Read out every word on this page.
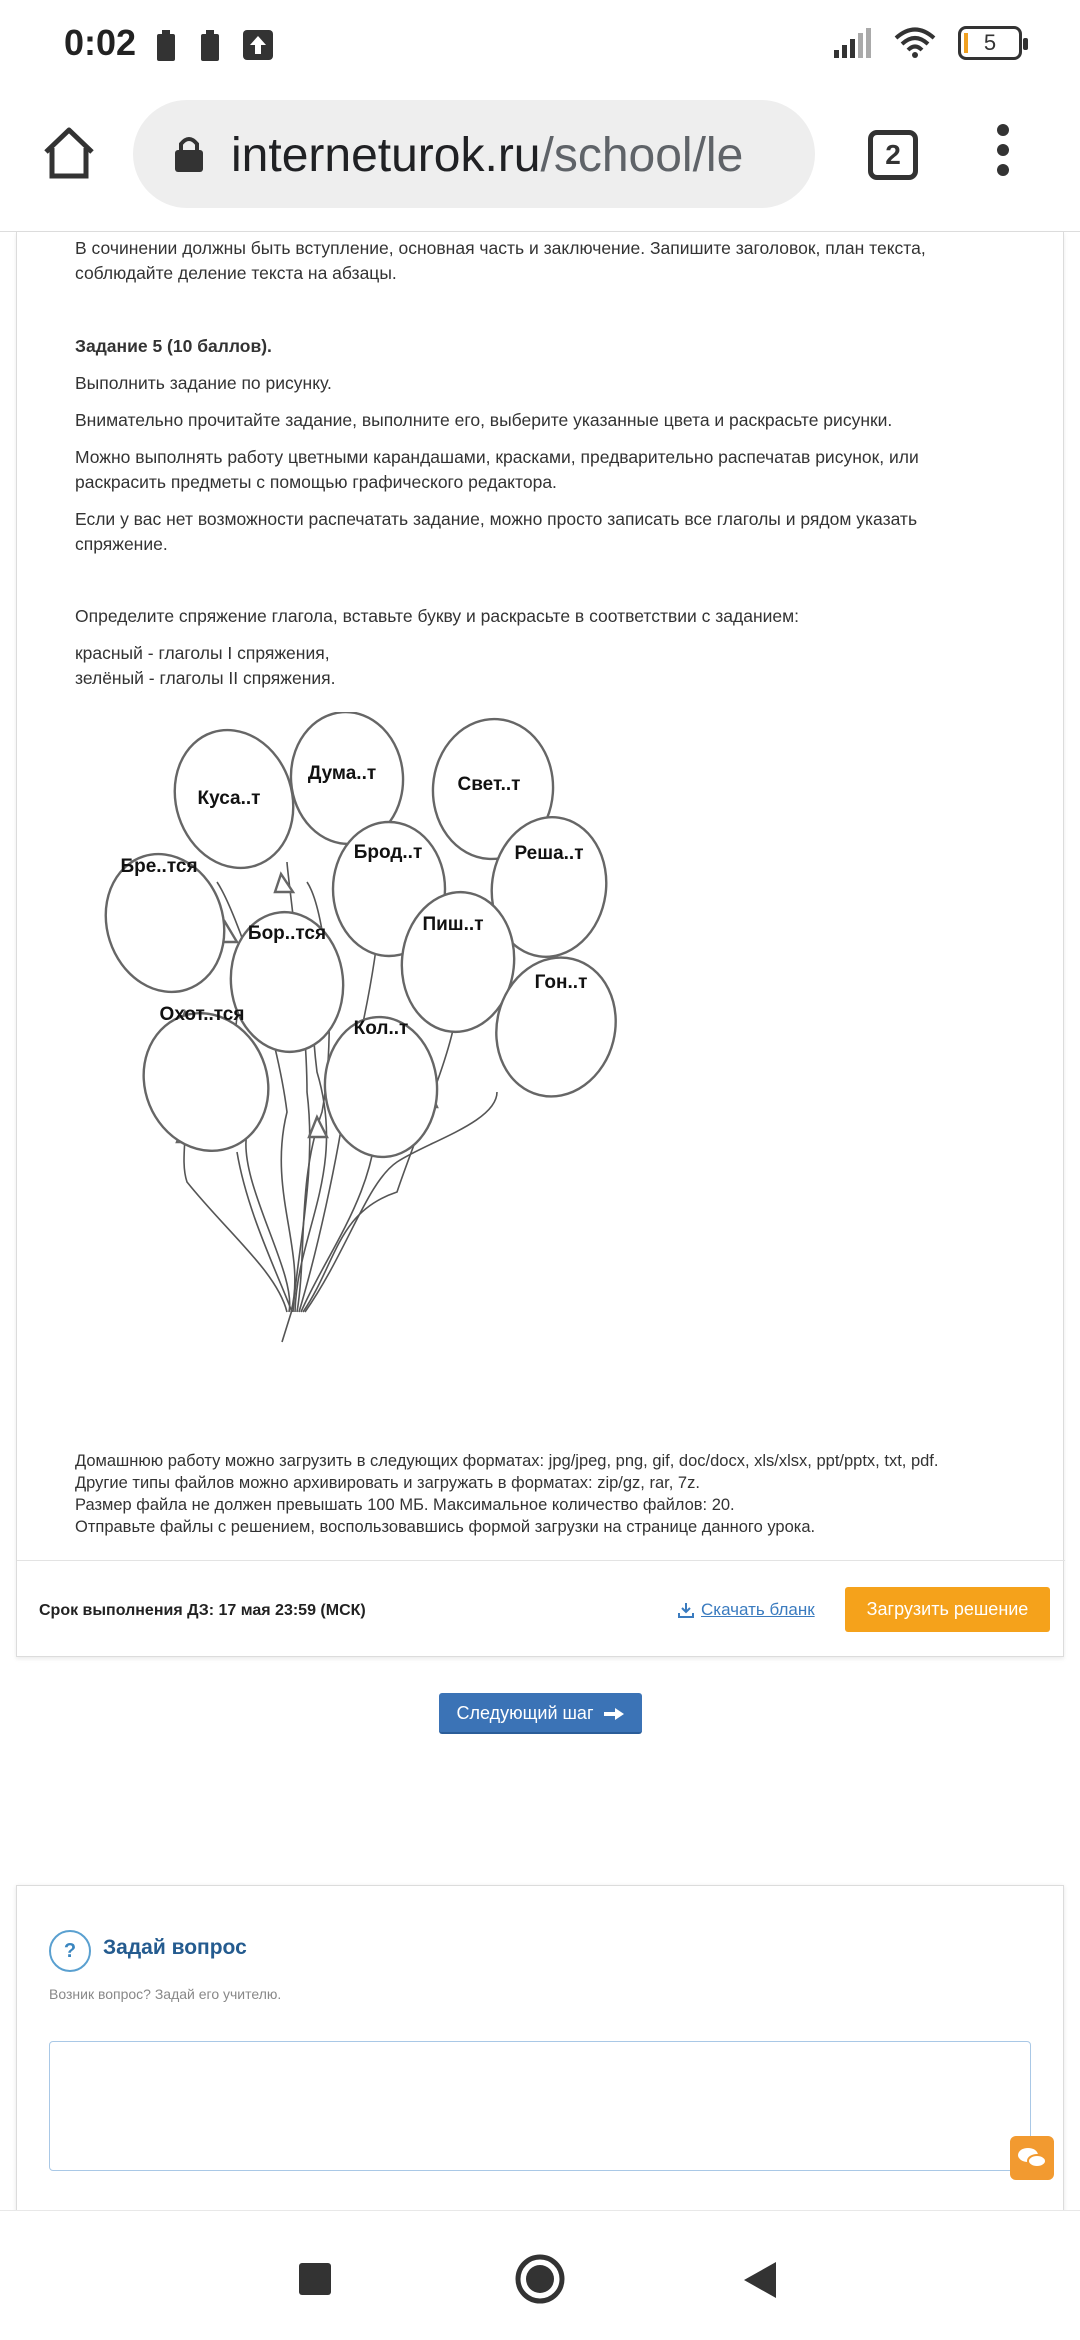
0:02	5
interneturok.ru/school/le	2

В сочинении должны быть вступление, основная часть и заключение. Запишите заголовок, план текста, соблюдайте деление текста на абзацы.

Задание 5 (10 баллов).

Выполнить задание по рисунку.

Внимательно прочитайте задание, выполните его, выберите указанные цвета и раскрасьте рисунки.

Можно выполнять работу цветными карандашами, красками, предварительно распечатав рисунок, или раскрасить предметы с помощью графического редактора.

Если у вас нет возможности распечатать задание, можно просто записать все глаголы и рядом указать спряжение.

Определите спряжение глагола, вставьте букву и раскрасьте в соответствии с заданием:

красный - глаголы I спряжения,

зелёный - глаголы II спряжения.

Дума..т
Свет..т
Куса..т
Брод..т	Реша..т
Бре..тся
Бор..тся	Пиш..т
Гон..т
Охот..тся
Кол..т
Домашнюю работу можно загрузить в следующих форматах: jpg/jpeg, png, gif, doc/docx, xls/xlsx, ppt/pptx, txt, pdf.
Другие типы файлов можно архивировать и загружать в форматах: zip/gz, rar, 7z.
Размер файла не должен превышать 100 МБ. Максимальное количество файлов: 20.
Отправьте файлы с решением, воспользовавшись формой загрузки на странице данного урока.
Срок выполнения ДЗ: 17 мая 23:59 (МСК)	Скачать бланк	Загрузить решение
Следующий шаг
?	Задай вопрос
Возник вопрос? Задай его учителю.
